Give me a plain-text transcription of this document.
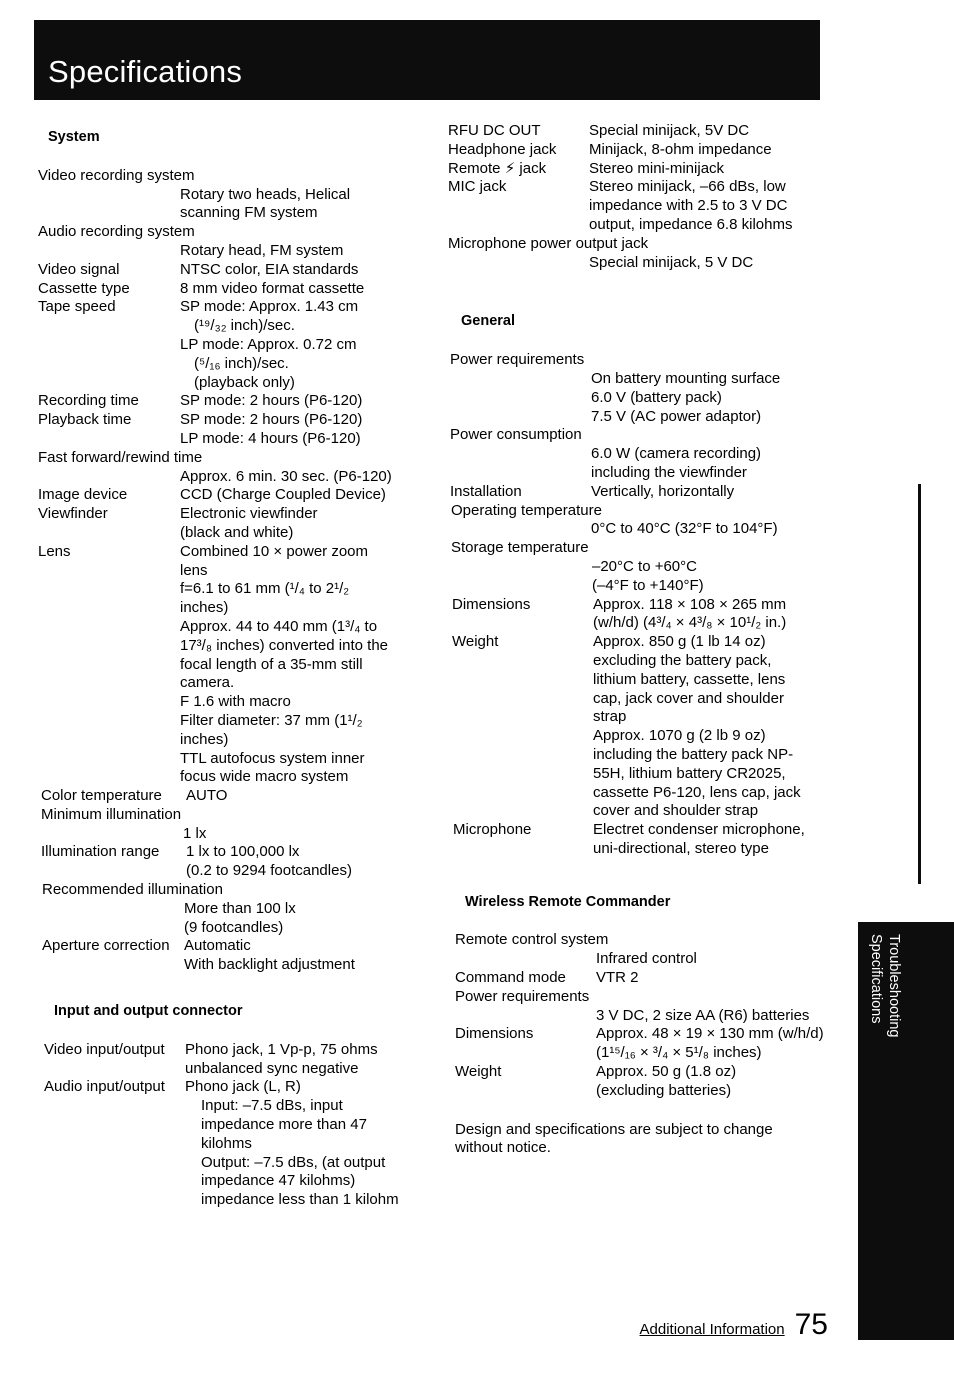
Specifications
System
Video recording system
Rotary two heads, Helical scanning FM system
Audio recording system
Rotary head, FM system
Video signal	NTSC color, EIA standards
Cassette type	8 mm video format cassette
Tape speed	SP mode: Approx. 1.43 cm
(¹⁹/₃₂ inch)/sec.
LP mode: Approx. 0.72 cm
(⁵/₁₆ inch)/sec.
(playback only)
Recording time	SP mode: 2 hours (P6-120)
Playback time	SP mode: 2 hours (P6-120)
LP mode: 4 hours (P6-120)
Fast forward/rewind time
Approx. 6 min. 30 sec. (P6-120)
Image device	CCD (Charge Coupled Device)
Viewfinder	Electronic viewfinder
(black and white)
Lens	Combined 10 × power zoom lens
f=6.1 to 61 mm (¹/₄ to 2¹/₂ inches)
Approx. 44 to 440 mm (1³/₄ to 17³/₈ inches) converted into the focal length of a 35-mm still camera.
F 1.6 with macro
Filter diameter: 37 mm (1¹/₂ inches)
TTL autofocus system inner focus wide macro system
Color temperature	AUTO
Minimum illumination
1 lx
Illumination range	1 lx to 100,000 lx
(0.2 to 9294 footcandles)
Recommended illumination
More than 100 lx
(9 footcandles)
Aperture correction Automatic
With backlight adjustment
Input and output connector
Video input/output	Phono jack, 1 Vp-p, 75 ohms unbalanced sync negative
Audio input/output	Phono jack (L, R)
Input: –7.5 dBs, input impedance more than 47 kilohms
Output: –7.5 dBs, (at output impedance 47 kilohms) impedance less than 1 kilohm
RFU DC OUT	Special minijack, 5V DC
Headphone jack	Minijack, 8-ohm impedance
Remote ⚡ jack	Stereo mini-minijack
MIC jack	Stereo minijack, –66 dBs, low impedance with 2.5 to 3 V DC output, impedance 6.8 kilohms
Microphone power output jack
Special minijack, 5 V DC
General
Power requirements
On battery mounting surface
6.0 V (battery pack)
7.5 V (AC power adaptor)
Power consumption
6.0 W (camera recording) including the viewfinder
Installation	Vertically, horizontally
Operating temperature
0°C to 40°C (32°F to 104°F)
Storage temperature
–20°C to +60°C
(–4°F to +140°F)
Dimensions	Approx. 118 × 108 × 265 mm (w/h/d) (4³/₄ × 4³/₈ × 10¹/₂ in.)
Weight	Approx. 850 g (1 lb 14 oz) excluding the battery pack, lithium battery, cassette, lens cap, jack cover and shoulder strap
Approx. 1070 g (2 lb 9 oz) including the battery pack NP-55H, lithium battery CR2025, cassette P6-120, lens cap, jack cover and shoulder strap
Microphone	Electret condenser microphone, uni-directional, stereo type
Wireless Remote Commander
Remote control system
Infrared control
Command mode	VTR 2
Power requirements
3 V DC, 2 size AA (R6) batteries
Dimensions	Approx. 48 × 19 × 130 mm (w/h/d) (1¹⁵/₁₆ × ³/₄ × 5¹/₈ inches)
Weight	Approx. 50 g (1.8 oz) (excluding batteries)
Design and specifications are subject to change without notice.
Troubleshooting
Specifications
Additional Information 75
